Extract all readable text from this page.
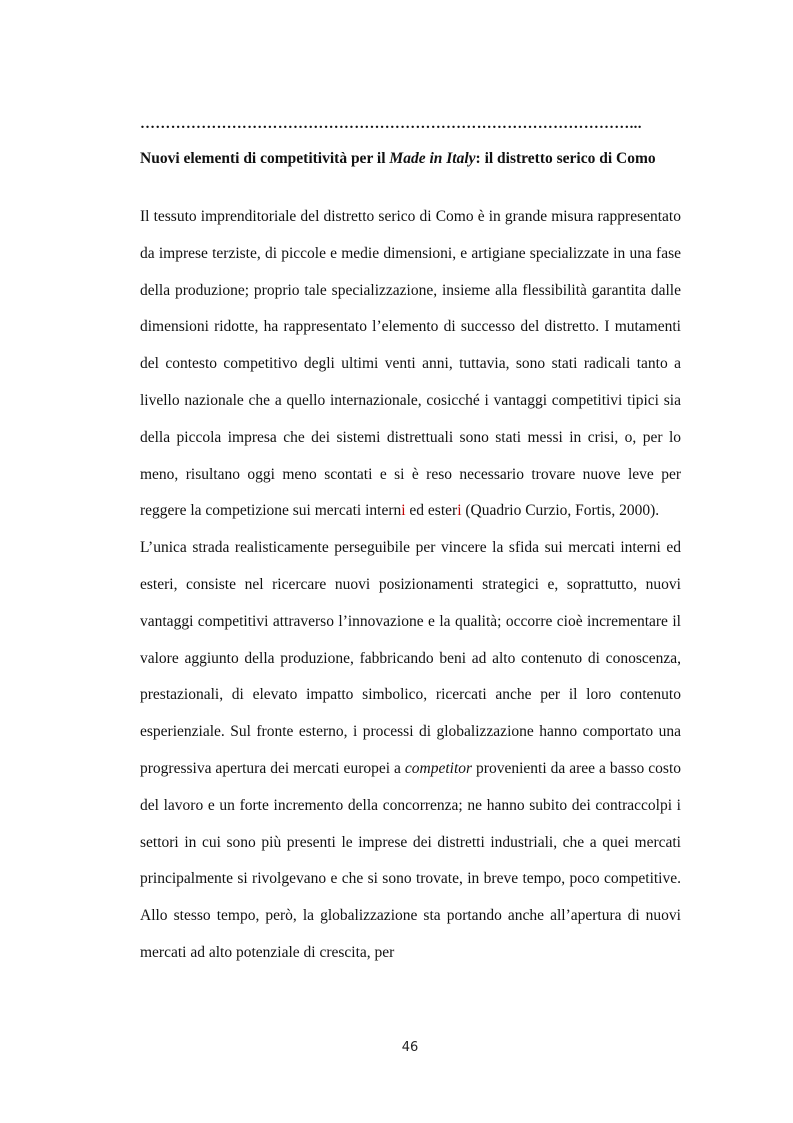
……………………………………………………………………………………...
Nuovi elementi di competitività per il Made in Italy: il distretto serico di Como

Il tessuto imprenditoriale del distretto serico di Como è in grande misura rappresentato da imprese terziste, di piccole e medie dimensioni, e artigiane specializzate in una fase della produzione; proprio tale specializzazione, insieme alla flessibilità garantita dalle dimensioni ridotte, ha rappresentato l’elemento di successo del distretto. I mutamenti del contesto competitivo degli ultimi venti anni, tuttavia, sono stati radicali tanto a livello nazionale che a quello internazionale, cosicché i vantaggi competitivi tipici sia della piccola impresa che dei sistemi distrettuali sono stati messi in crisi, o, per lo meno, risultano oggi meno scontati e si è reso necessario trovare nuove leve per reggere la competizione sui mercati interni ed esteri (Quadrio Curzio, Fortis, 2000).

L’unica strada realisticamente perseguibile per vincere la sfida sui mercati interni ed esteri, consiste nel ricercare nuovi posizionamenti strategici e, soprattutto, nuovi vantaggi competitivi attraverso l’innovazione e la qualità; occorre cioè incrementare il valore aggiunto della produzione, fabbricando beni ad alto contenuto di conoscenza, prestazionali, di elevato impatto simbolico, ricercati anche per il loro contenuto esperienziale. Sul fronte esterno, i processi di globalizzazione hanno comportato una progressiva apertura dei mercati europei a competitor provenienti da aree a basso costo del lavoro e un forte incremento della concorrenza; ne hanno subito dei contraccolpi i settori in cui sono più presenti le imprese dei distretti industriali, che a quei mercati principalmente si rivolgevano e che si sono trovate, in breve tempo, poco competitive. Allo stesso tempo, però, la globalizzazione sta portando anche all’apertura di nuovi mercati ad alto potenziale di crescita, per

46
